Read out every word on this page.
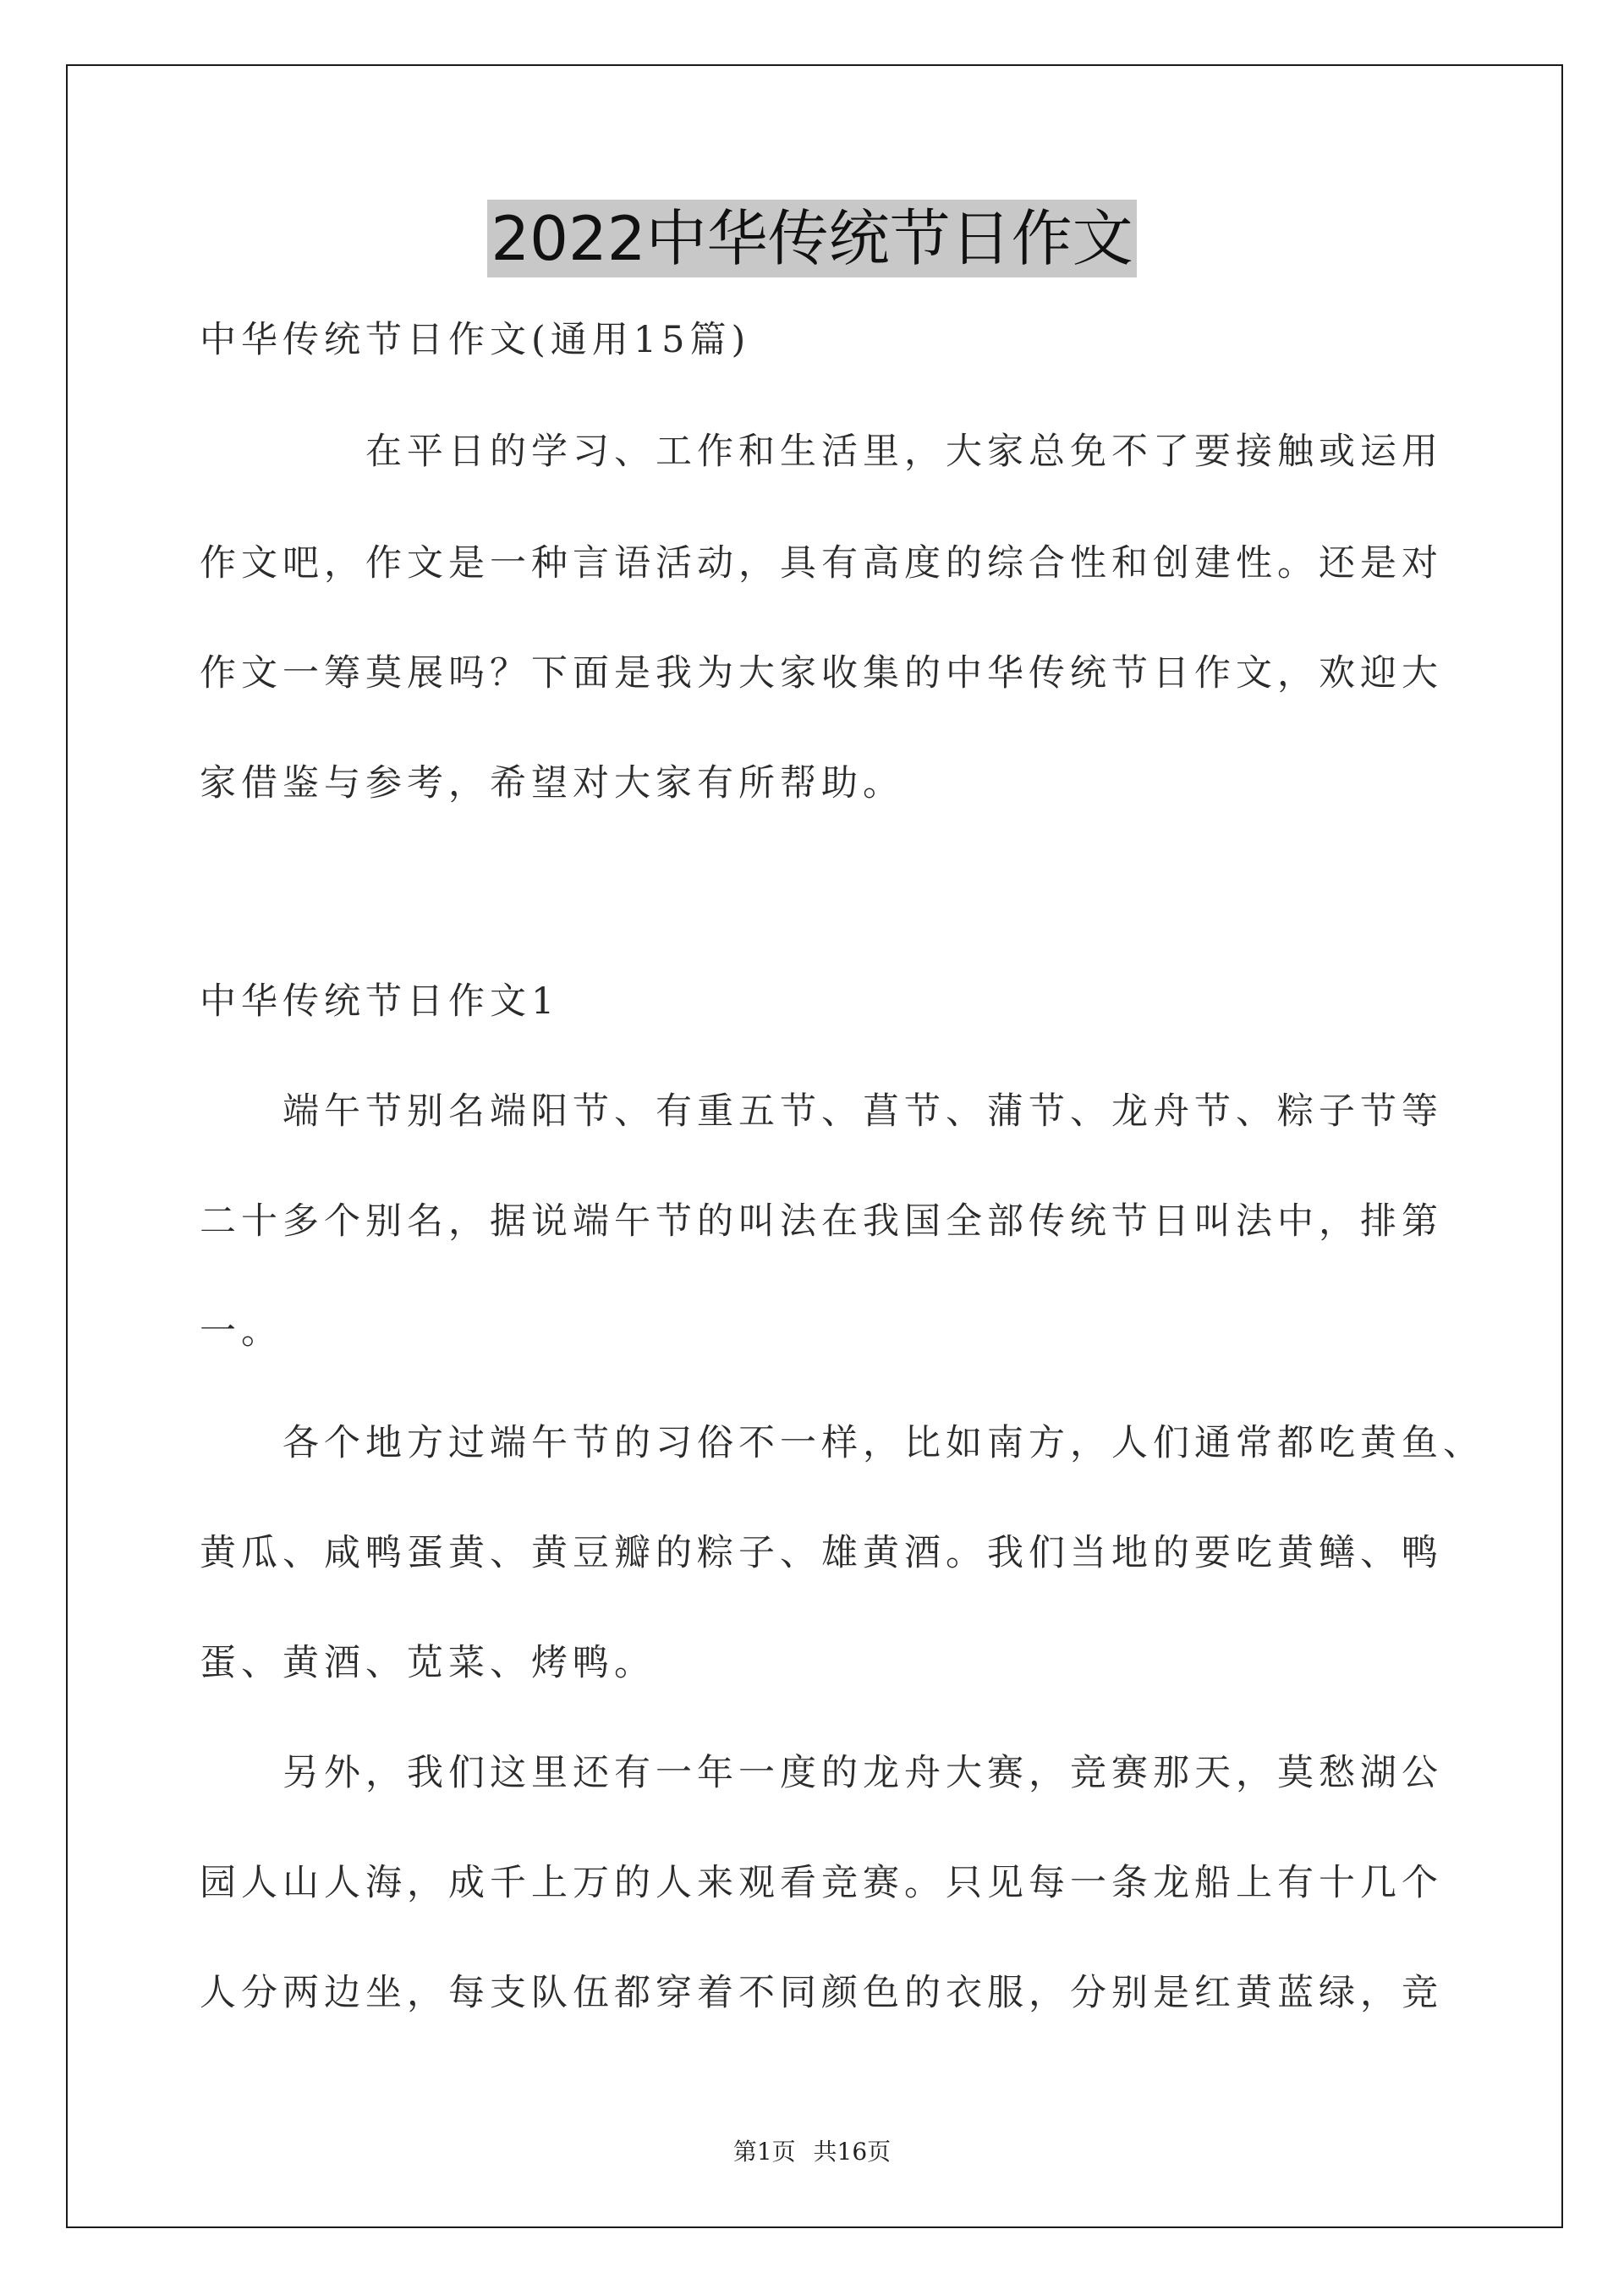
2022中华传统节日作文
中华传统节日作文(通用15篇)
在平日的学习、工作和生活里，大家总免不了要接触或运用
作文吧，作文是一种言语活动，具有高度的综合性和创建性。还是对
作文一筹莫展吗？下面是我为大家收集的中华传统节日作文，欢迎大
家借鉴与参考，希望对大家有所帮助。
中华传统节日作文1
端午节别名端阳节、有重五节、菖节、蒲节、龙舟节、粽子节等
二十多个别名，据说端午节的叫法在我国全部传统节日叫法中，排第
一。
各个地方过端午节的习俗不一样，比如南方，人们通常都吃黄鱼、
黄瓜、咸鸭蛋黄、黄豆瓣的粽子、雄黄酒。我们当地的要吃黄鳝、鸭
蛋、黄酒、苋菜、烤鸭。
另外，我们这里还有一年一度的龙舟大赛，竞赛那天，莫愁湖公
园人山人海，成千上万的人来观看竞赛。只见每一条龙船上有十几个
人分两边坐，每支队伍都穿着不同颜色的衣服，分别是红黄蓝绿，竞
第1页 共16页
